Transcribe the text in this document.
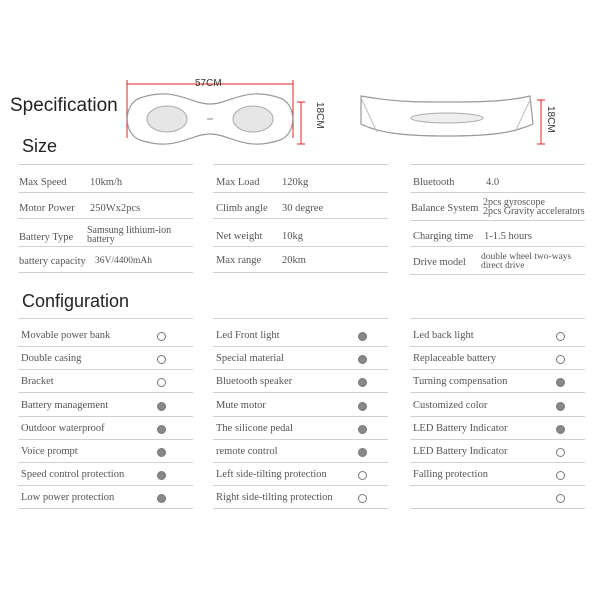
Specification
57CM
18CM	18CM
Size
Max Speed 10km/h
Motor Power 250Wx2pcs
Battery Type
Samsung lithium-ion
battery
battery capacity 36V/4400mAh
Max Load 120kg
Climb angle 30 degree
Net weight 10kg
Max range 20km
Bluetooth	4.0
Balance System
2pcs gyroscope
2pcs Gravity accelerators
Charging time 1-1.5 hours
Drive model double wheel two-ways
direct drive
Configuration
Movable power bank
Double casing
Bracket
Battery management
Outdoor waterproof
Voice prompt
Speed control protection
Low power protection
Led Front light
Special material
Bluetooth speaker
Mute motor
The silicone pedal
remote control
Left side-tilting protection
Right side-tilting protection
Led back light
Replaceable battery
Turning compensation
Customized color
LED Battery Indicator
LED Battery Indicator
Falling protection
